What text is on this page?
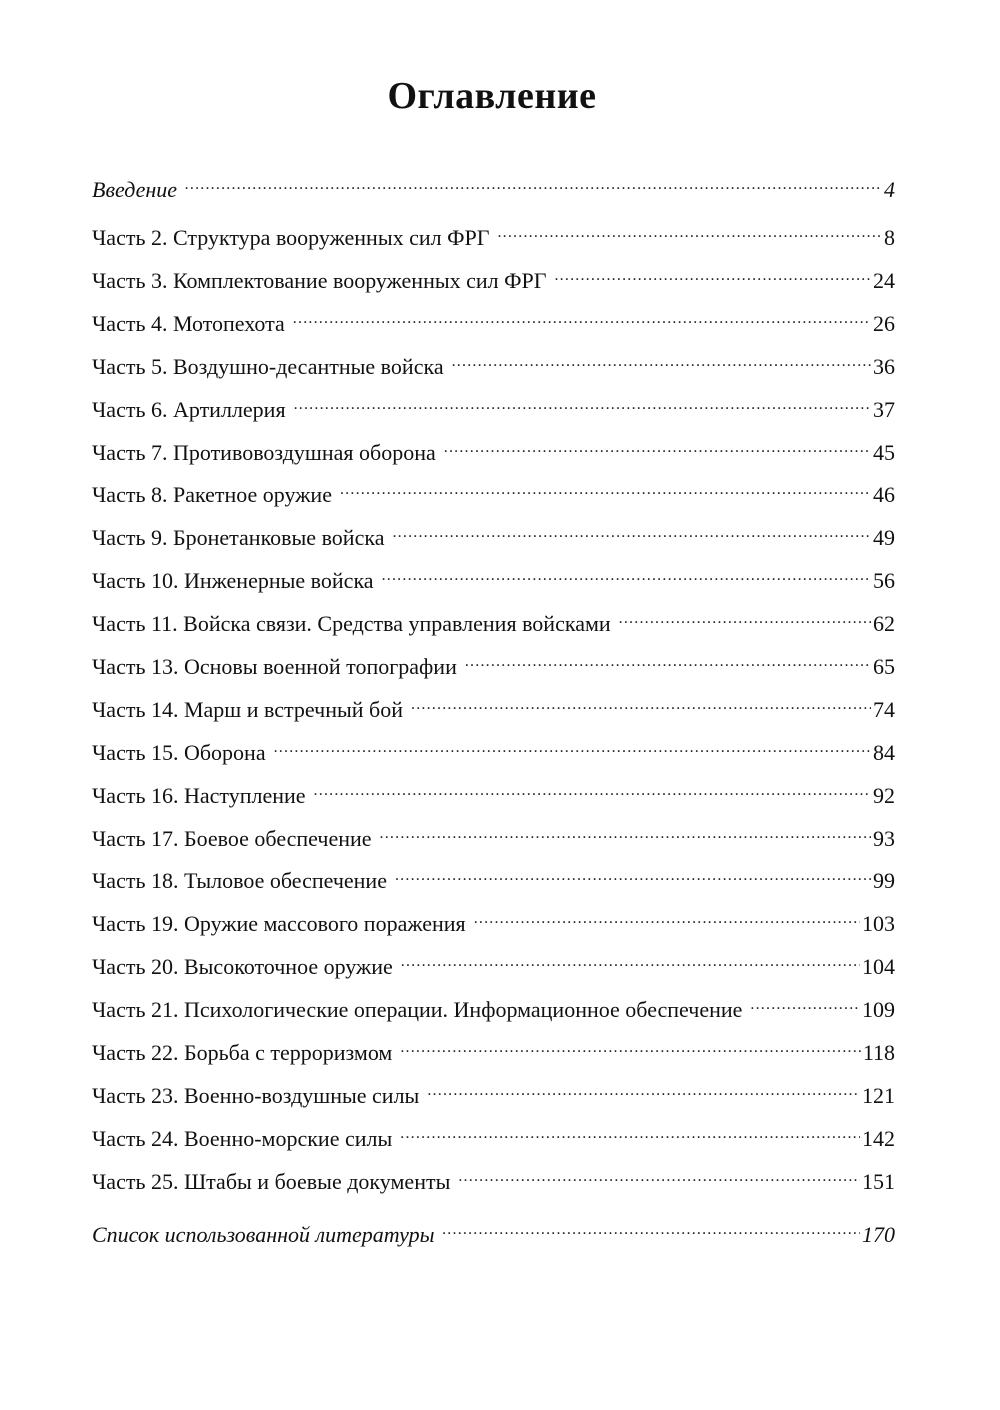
Оглавление
Введение .....	4
Часть 2. Структура вооруженных сил ФРГ .....	8
Часть 3. Комплектование вооруженных сил ФРГ .....	24
Часть 4. Мотопехота .....	26
Часть 5. Воздушно-десантные войска .....	36
Часть 6. Артиллерия .....	37
Часть 7. Противовоздушная оборона .....	45
Часть 8. Ракетное оружие .....	46
Часть 9. Бронетанковые войска .....	49
Часть 10. Инженерные войска .....	56
Часть 11. Войска связи. Средства управления войсками .....	62
Часть 13. Основы военной топографии .....	65
Часть 14. Марш и встречный бой .....	74
Часть 15. Оборона .....	84
Часть 16. Наступление .....	92
Часть 17. Боевое обеспечение .....	93
Часть 18. Тыловое обеспечение .....	99
Часть 19. Оружие массового поражения .....	103
Часть 20. Высокоточное оружие .....	104
Часть 21. Психологические операции. Информационное обеспечение .....	109
Часть 22. Борьба с терроризмом .....	118
Часть 23. Военно-воздушные силы .....	121
Часть 24. Военно-морские силы .....	142
Часть 25. Штабы и боевые документы .....	151
Список использованной литературы .....	170
